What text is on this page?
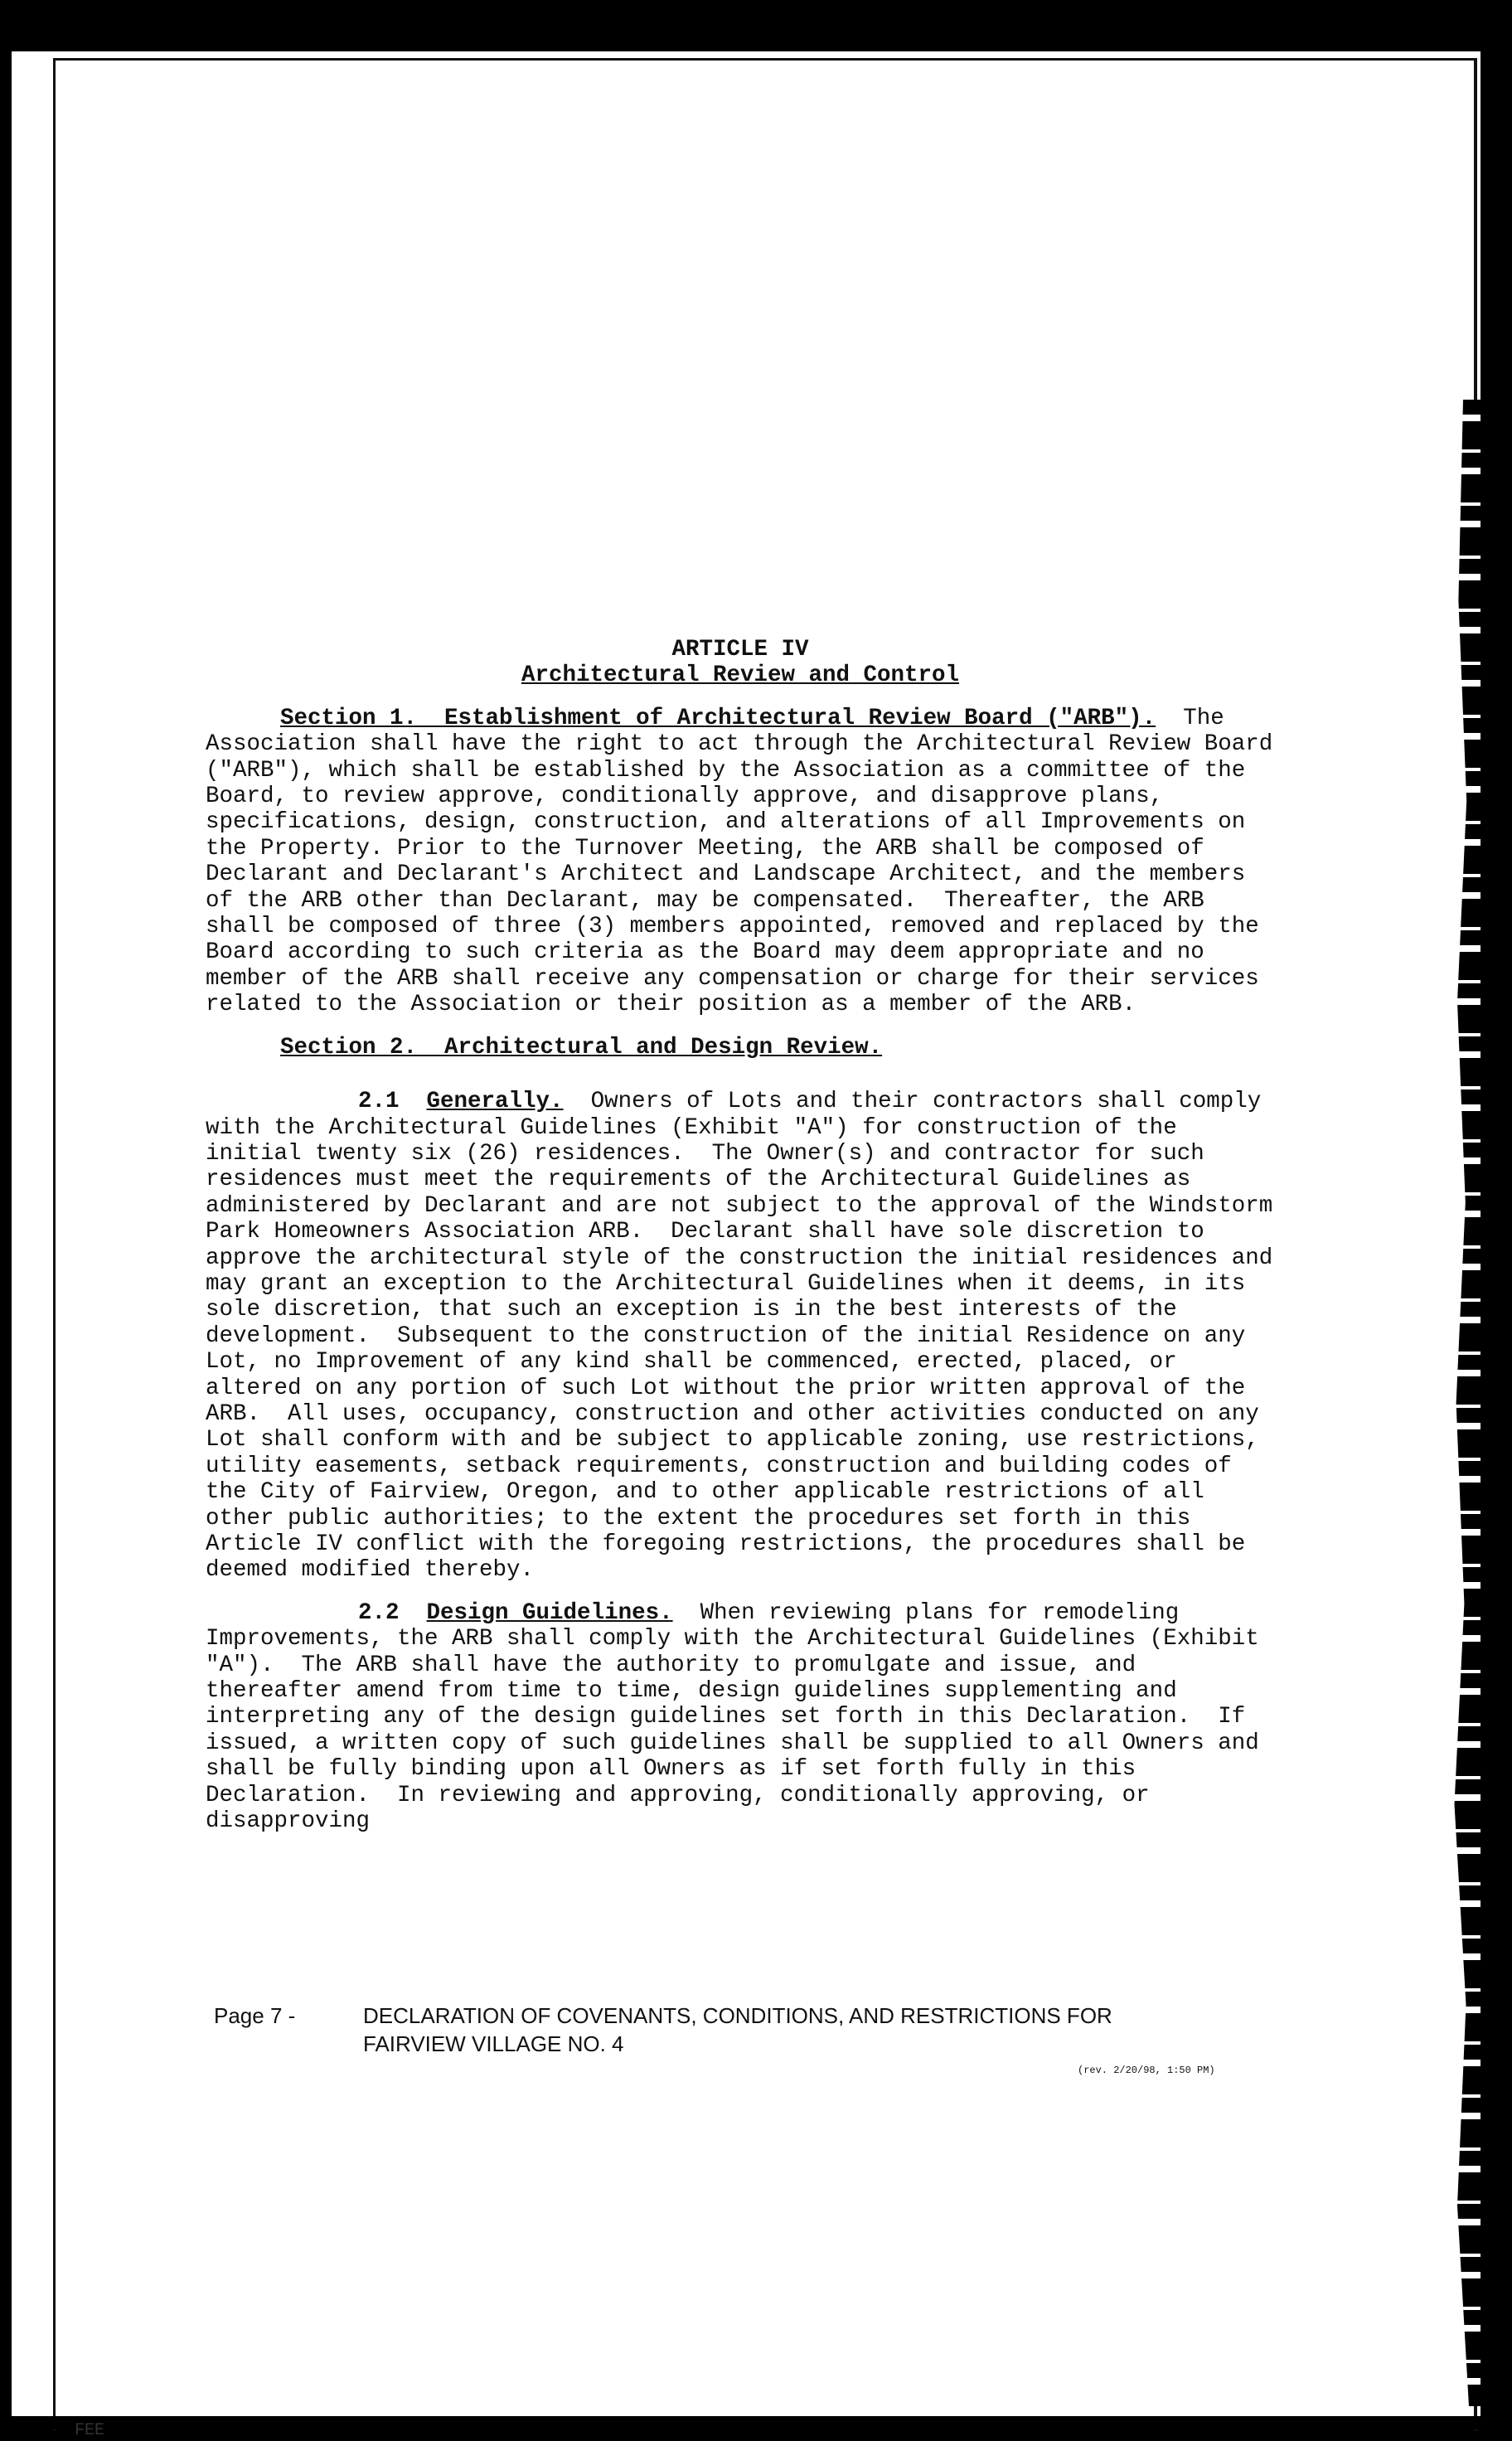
ARTICLE IV

Architectural Review and Control

Section 1.  Establishment of Architectural Review Board ("ARB"). The Association shall have the right to act through the Architectural Review Board ("ARB"), which shall be established by the Association as a committee of the Board, to review approve, conditionally approve, and disapprove plans, specifications, design, construction, and alterations of all Improvements on the Property. Prior to the Turnover Meeting, the ARB shall be composed of Declarant and Declarant's Architect and Landscape Architect, and the members of the ARB other than Declarant, may be compensated.  Thereafter, the ARB shall be composed of three (3) members appointed, removed and replaced by the Board according to such criteria as the Board may deem appropriate and no member of the ARB shall receive any compensation or charge for their services related to the Association or their position as a member of the ARB.

Section 2.  Architectural and Design Review.

2.1 Generally. Owners of Lots and their contractors shall comply with the Architectural Guidelines (Exhibit "A") for construction of the initial twenty six (26) residences.  The Owner(s) and contractor for such residences must meet the requirements of the Architectural Guidelines as administered by Declarant and are not subject to the approval of the Windstorm Park Homeowners Association ARB.  Declarant shall have sole discretion to approve the architectural style of the construction the initial residences and may grant an exception to the Architectural Guidelines when it deems, in its sole discretion, that such an exception is in the best interests of the development.  Subsequent to the construction of the initial Residence on any Lot, no Improvement of any kind shall be commenced, erected, placed, or altered on any portion of such Lot without the prior written approval of the ARB.  All uses, occupancy, construction and other activities conducted on any Lot shall conform with and be subject to applicable zoning, use restrictions, utility easements, setback requirements, construction and building codes of the City of Fairview, Oregon, and to other applicable restrictions of all other public authorities; to the extent the procedures set forth in this Article IV conflict with the foregoing restrictions, the procedures shall be deemed modified thereby.

2.2 Design Guidelines. When reviewing plans for remodeling Improvements, the ARB shall comply with the Architectural Guidelines (Exhibit "A").  The ARB shall have the authority to promulgate and issue, and thereafter amend from time to time, design guidelines supplementing and interpreting any of the design guidelines set forth in this Declaration.  If issued, a written copy of such guidelines shall be supplied to all Owners and shall be fully binding upon all Owners as if set forth fully in this Declaration.  In reviewing and approving, conditionally approving, or disapproving

Page 7 -	DECLARATION OF COVENANTS, CONDITIONS, AND RESTRICTIONS FOR
FAIRVIEW VILLAGE NO. 4
(rev. 2/20/98, 1:50 PM)
FEE
